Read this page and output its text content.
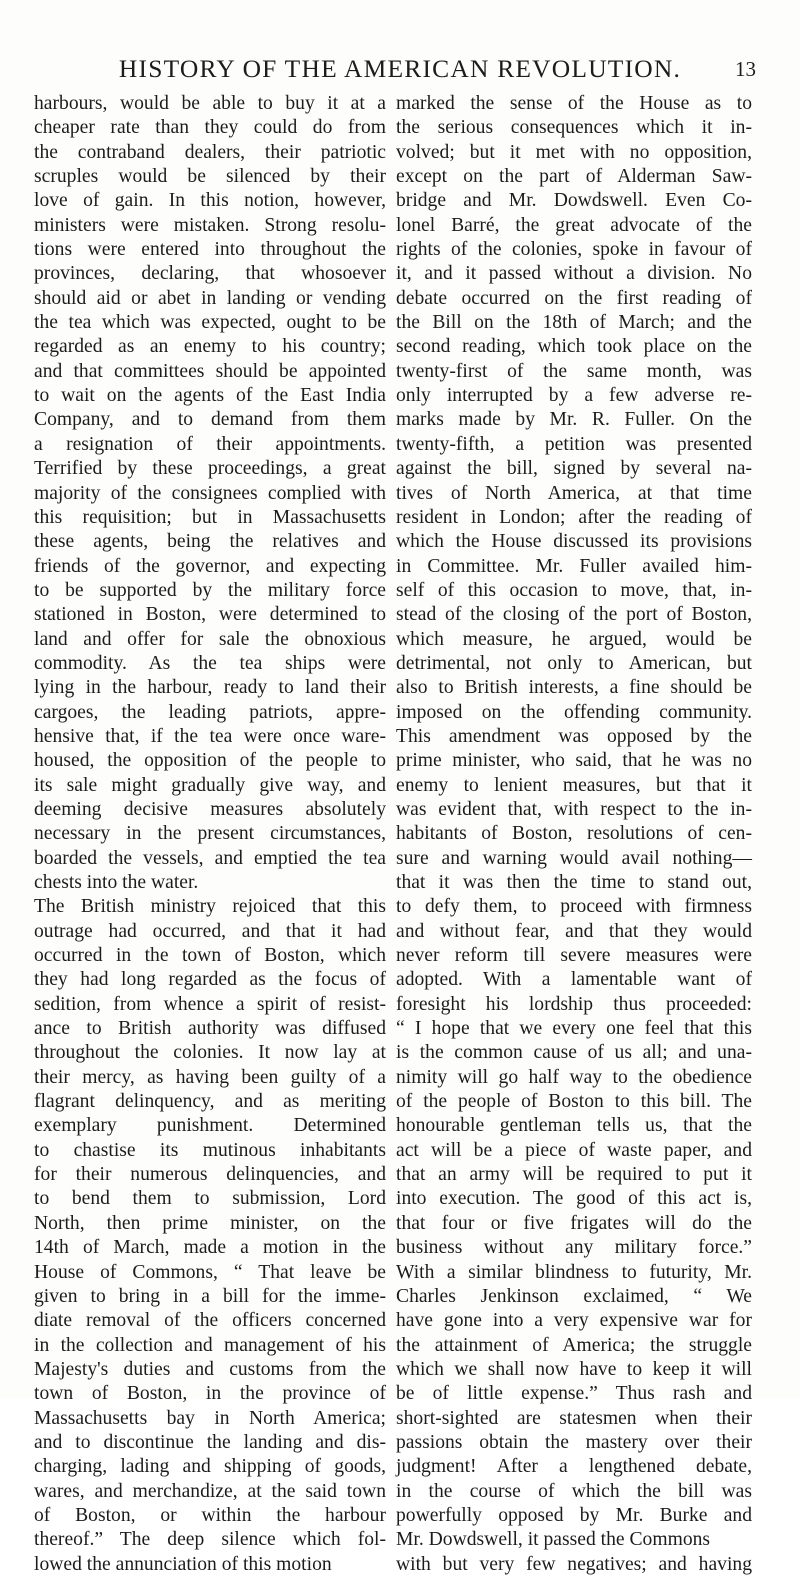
HISTORY OF THE AMERICAN REVOLUTION.	13
harbours, would be able to buy it at a
cheaper rate than they could do from
the contraband dealers, their patriotic
scruples would be silenced by their
love of gain. In this notion, however,
ministers were mistaken. Strong resolu-
tions were entered into throughout the
provinces, declaring, that whosoever
should aid or abet in landing or vending
the tea which was expected, ought to be
regarded as an enemy to his country;
and that committees should be appointed
to wait on the agents of the East India
Company, and to demand from them
a resignation of their appointments.
Terrified by these proceedings, a great
majority of the consignees complied with
this requisition; but in Massachusetts
these agents, being the relatives and
friends of the governor, and expecting
to be supported by the military force
stationed in Boston, were determined to
land and offer for sale the obnoxious
commodity. As the tea ships were
lying in the harbour, ready to land their
cargoes, the leading patriots, appre-
hensive that, if the tea were once ware-
housed, the opposition of the people to
its sale might gradually give way, and
deeming decisive measures absolutely
necessary in the present circumstances,
boarded the vessels, and emptied the tea
chests into the water.
The British ministry rejoiced that this
outrage had occurred, and that it had
occurred in the town of Boston, which
they had long regarded as the focus of
sedition, from whence a spirit of resist-
ance to British authority was diffused
throughout the colonies. It now lay at
their mercy, as having been guilty of a
flagrant delinquency, and as meriting
exemplary punishment. Determined
to chastise its mutinous inhabitants
for their numerous delinquencies, and
to bend them to submission, Lord
North, then prime minister, on the
14th of March, made a motion in the
House of Commons, “ That leave be
given to bring in a bill for the imme-
diate removal of the officers concerned
in the collection and management of his
Majesty's duties and customs from the
town of Boston, in the province of
Massachusetts bay in North America;
and to discontinue the landing and dis-
charging, lading and shipping of goods,
wares, and merchandize, at the said town
of Boston, or within the harbour
thereof.” The deep silence which fol-
lowed the annunciation of this motion
marked the sense of the House as to
the serious consequences which it in-
volved; but it met with no opposition,
except on the part of Alderman Saw-
bridge and Mr. Dowdswell. Even Co-
lonel Barré, the great advocate of the
rights of the colonies, spoke in favour of
it, and it passed without a division. No
debate occurred on the first reading of
the Bill on the 18th of March; and the
second reading, which took place on the
twenty-first of the same month, was
only interrupted by a few adverse re-
marks made by Mr. R. Fuller. On the
twenty-fifth, a petition was presented
against the bill, signed by several na-
tives of North America, at that time
resident in London; after the reading of
which the House discussed its provisions
in Committee. Mr. Fuller availed him-
self of this occasion to move, that, in-
stead of the closing of the port of Boston,
which measure, he argued, would be
detrimental, not only to American, but
also to British interests, a fine should be
imposed on the offending community.
This amendment was opposed by the
prime minister, who said, that he was no
enemy to lenient measures, but that it
was evident that, with respect to the in-
habitants of Boston, resolutions of cen-
sure and warning would avail nothing—
that it was then the time to stand out,
to defy them, to proceed with firmness
and without fear, and that they would
never reform till severe measures were
adopted. With a lamentable want of
foresight his lordship thus proceeded:
“ I hope that we every one feel that this
is the common cause of us all; and una-
nimity will go half way to the obedience
of the people of Boston to this bill. The
honourable gentleman tells us, that the
act will be a piece of waste paper, and
that an army will be required to put it
into execution. The good of this act is,
that four or five frigates will do the
business without any military force.”
With a similar blindness to futurity, Mr.
Charles Jenkinson exclaimed, “ We
have gone into a very expensive war for
the attainment of America; the struggle
which we shall now have to keep it will
be of little expense.” Thus rash and
short-sighted are statesmen when their
passions obtain the mastery over their
judgment! After a lengthened debate,
in the course of which the bill was
powerfully opposed by Mr. Burke and
Mr. Dowdswell, it passed the Commons
with but very few negatives; and having
